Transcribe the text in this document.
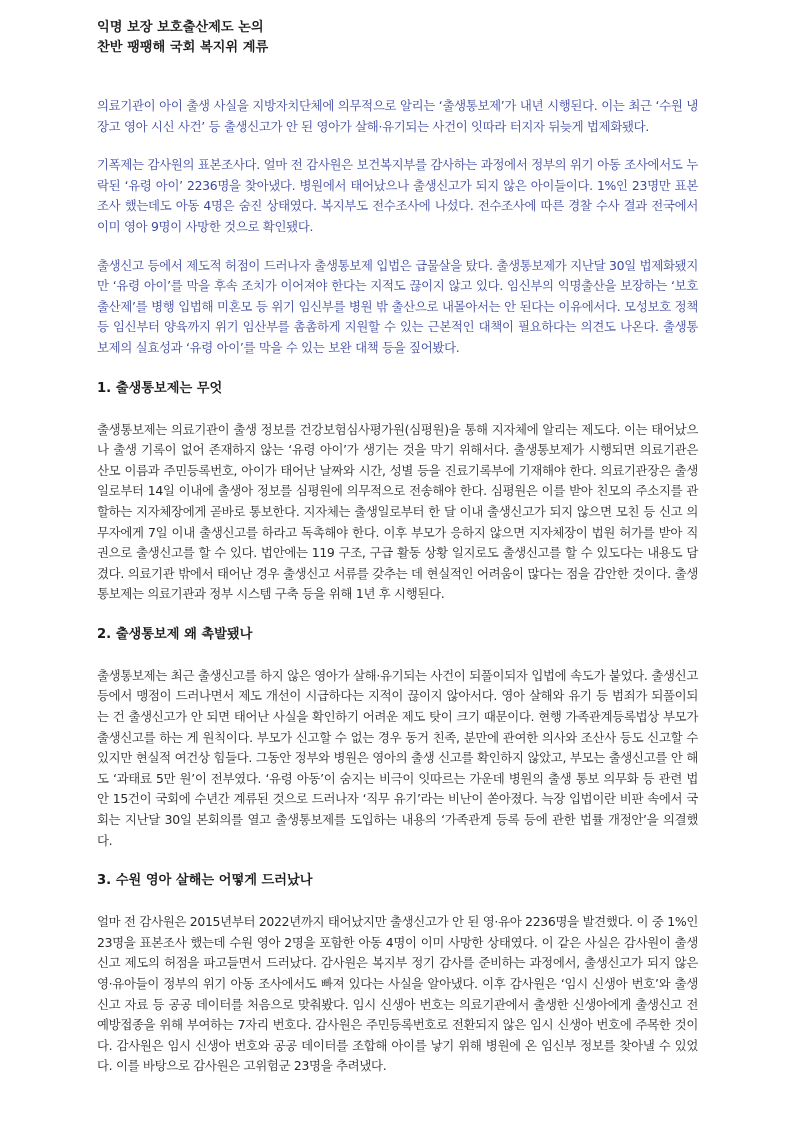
익명 보장 보호출산제도 논의

찬반 팽팽해 국회 복지위 계류

의료기관이 아이 출생 사실을 지방자치단체에 의무적으로 알리는 ‘출생통보제’가 내년 시행된다. 이는 최근 ‘수원 냉장고 영아 시신 사건’ 등 출생신고가 안 된 영아가 살해·유기되는 사건이 잇따라 터지자 뒤늦게 법제화됐다.

기폭제는 감사원의 표본조사다. 얼마 전 감사원은 보건복지부를 감사하는 과정에서 정부의 위기 아동 조사에서도 누락된 ‘유령 아이’ 2236명을 찾아냈다. 병원에서 태어났으나 출생신고가 되지 않은 아이들이다. 1%인 23명만 표본조사 했는데도 아동 4명은 숨진 상태였다. 복지부도 전수조사에 나섰다. 전수조사에 따른 경찰 수사 결과 전국에서 이미 영아 9명이 사망한 것으로 확인됐다.

출생신고 등에서 제도적 허점이 드러나자 출생통보제 입법은 급물살을 탔다. 출생통보제가 지난달 30일 법제화됐지만 ‘유령 아이’를 막을 후속 조치가 이어져야 한다는 지적도 끊이지 않고 있다. 임신부의 익명출산을 보장하는 ‘보호출산제’를 병행 입법해 미혼모 등 위기 임신부를 병원 밖 출산으로 내몰아서는 안 된다는 이유에서다. 모성보호 정책 등 임신부터 양육까지 위기 임산부를 촘촘하게 지원할 수 있는 근본적인 대책이 필요하다는 의견도 나온다. 출생통보제의 실효성과 ‘유령 아이’를 막을 수 있는 보완 대책 등을 짚어봤다.

1. 출생통보제는 무엇

출생통보제는 의료기관이 출생 정보를 건강보험심사평가원(심평원)을 통해 지자체에 알리는 제도다. 이는 태어났으나 출생 기록이 없어 존재하지 않는 ‘유령 아이’가 생기는 것을 막기 위해서다. 출생통보제가 시행되면 의료기관은 산모 이름과 주민등록번호, 아이가 태어난 날짜와 시간, 성별 등을 진료기록부에 기재해야 한다. 의료기관장은 출생일로부터 14일 이내에 출생아 정보를 심평원에 의무적으로 전송해야 한다. 심평원은 이를 받아 친모의 주소지를 관할하는 지자체장에게 곧바로 통보한다. 지자체는 출생일로부터 한 달 이내 출생신고가 되지 않으면 모친 등 신고 의무자에게 7일 이내 출생신고를 하라고 독촉해야 한다. 이후 부모가 응하지 않으면 지자체장이 법원 허가를 받아 직권으로 출생신고를 할 수 있다. 법안에는 119 구조, 구급 활동 상황 일지로도 출생신고를 할 수 있도다는 내용도 담겼다. 의료기관 밖에서 태어난 경우 출생신고 서류를 갖추는 데 현실적인 어려움이 많다는 점을 감안한 것이다. 출생통보제는 의료기관과 정부 시스템 구축 등을 위해 1년 후 시행된다.

2. 출생통보제 왜 촉발됐나

출생통보제는 최근 출생신고를 하지 않은 영아가 살해·유기되는 사건이 되풀이되자 입법에 속도가 붙었다. 출생신고 등에서 맹점이 드러나면서 제도 개선이 시급하다는 지적이 끊이지 않아서다. 영아 살해와 유기 등 범죄가 되풀이되는 건 출생신고가 안 되면 태어난 사실을 확인하기 어려운 제도 탓이 크기 때문이다. 현행 가족관계등록법상 부모가 출생신고를 하는 게 원칙이다. 부모가 신고할 수 없는 경우 동거 친족, 분만에 관여한 의사와 조산사 등도 신고할 수 있지만 현실적 여건상 힘들다. 그동안 정부와 병원은 영아의 출생 신고를 확인하지 않았고, 부모는 출생신고를 안 해도 ‘과태료 5만 원’이 전부였다. ‘유령 아동’이 숨지는 비극이 잇따르는 가운데 병원의 출생 통보 의무화 등 관련 법안 15건이 국회에 수년간 계류된 것으로 드러나자 ‘직무 유기’라는 비난이 쏟아졌다. 늑장 입법이란 비판 속에서 국회는 지난달 30일 본회의를 열고 출생통보제를 도입하는 내용의 ‘가족관계 등록 등에 관한 법률 개정안’을 의결했다.

3. 수원 영아 살해는 어떻게 드러났나

얼마 전 감사원은 2015년부터 2022년까지 태어났지만 출생신고가 안 된 영·유아 2236명을 발견했다. 이 중 1%인 23명을 표본조사 했는데 수원 영아 2명을 포함한 아동 4명이 이미 사망한 상태였다. 이 같은 사실은 감사원이 출생신고 제도의 허점을 파고들면서 드러났다. 감사원은 복지부 정기 감사를 준비하는 과정에서, 출생신고가 되지 않은 영·유아들이 정부의 위기 아동 조사에서도 빠져 있다는 사실을 알아냈다. 이후 감사원은 ‘임시 신생아 번호’와 출생신고 자료 등 공공 데이터를 처음으로 맞춰봤다. 임시 신생아 번호는 의료기관에서 출생한 신생아에게 출생신고 전 예방접종을 위해 부여하는 7자리 번호다. 감사원은 주민등록번호로 전환되지 않은 임시 신생아 번호에 주목한 것이다. 감사원은 임시 신생아 번호와 공공 데이터를 조합해 아이를 낳기 위해 병원에 온 임신부 정보를 찾아낼 수 있었다. 이를 바탕으로 감사원은 고위험군 23명을 추려냈다.
